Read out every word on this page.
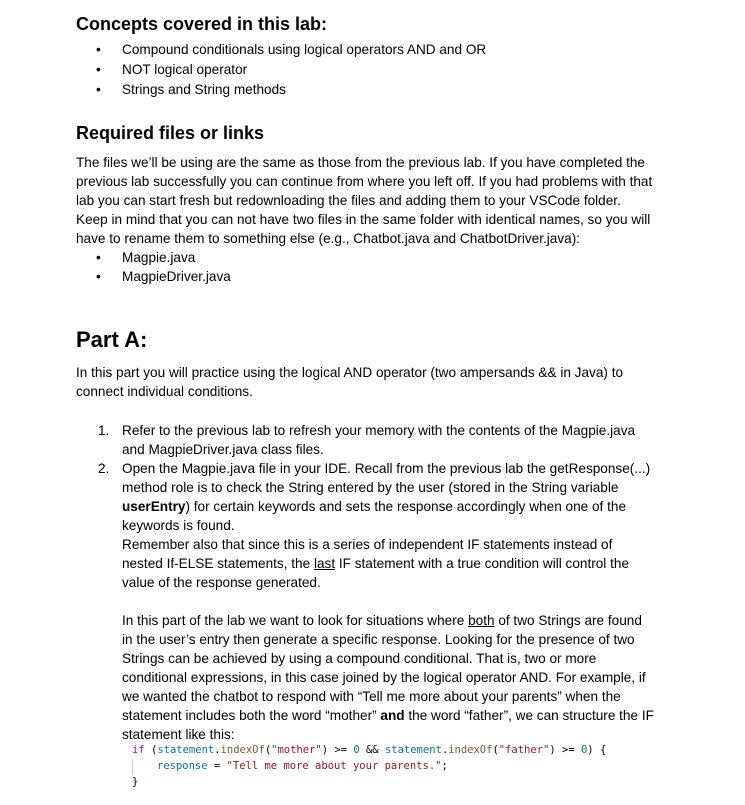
Concepts covered in this lab:
• Compound conditionals using logical operators AND and OR
• NOT logical operator
• Strings and String methods
Required files or links
The files we’ll be using are the same as those from the previous lab. If you have completed the
previous lab successfully you can continue from where you left off. If you had problems with that
lab you can start fresh but redownloading the files and adding them to your VSCode folder.
Keep in mind that you can not have two files in the same folder with identical names, so you will
have to rename them to something else (e.g., Chatbot.java and ChatbotDriver.java):
• Magpie.java
• MagpieDriver.java
Part A:
In this part you will practice using the logical AND operator (two ampersands && in Java) to
connect individual conditions.
1. Refer to the previous lab to refresh your memory with the contents of the Magpie.java
and MagpieDriver.java class files.
2. Open the Magpie.java file in your IDE. Recall from the previous lab the getResponse(...)
method role is to check the String entered by the user (stored in the String variable
userEntry) for certain keywords and sets the response accordingly when one of the
keywords is found.
Remember also that since this is a series of independent IF statements instead of
nested If-ELSE statements, the last IF statement with a true condition will control the
value of the response generated.
In this part of the lab we want to look for situations where both of two Strings are found
in the user’s entry then generate a specific response. Looking for the presence of two
Strings can be achieved by using a compound conditional. That is, two or more
conditional expressions, in this case joined by the logical operator AND. For example, if
we wanted the chatbot to respond with “Tell me more about your parents” when the
statement includes both the word “mother” and the word “father”, we can structure the IF
statement like this:
if (statement.indexOf("mother") >= 0 && statement.indexOf("father") >= 0) {
response = "Tell me more about your parents.";
}
